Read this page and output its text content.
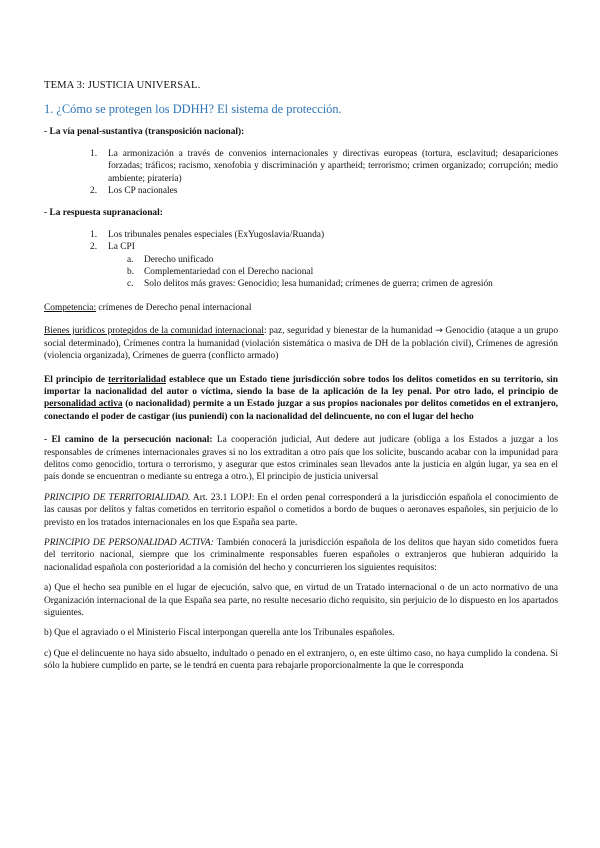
TEMA 3: JUSTICIA UNIVERSAL.

1. ¿Cómo se protegen los DDHH? El sistema de protección.

- La vía penal-sustantiva (transposición nacional):

1. La armonización a través de convenios internacionales y directivas europeas (tortura, esclavitud; desapariciones forzadas; tráficos; racismo, xenofobia y discriminación y apartheid; terrorismo; crimen organizado; corrupción; medio ambiente; piratería)
2. Los CP nacionales

- La respuesta supranacional:

1. Los tribunales penales especiales (ExYugoslavia/Ruanda)
2. La CPI
a. Derecho unificado
b. Complementariedad con el Derecho nacional
c. Solo delitos más graves: Genocidio; lesa humanidad; crímenes de guerra; crimen de agresión

Competencia: crímenes de Derecho penal internacional

Bienes jurídicos protegidos de la comunidad internacional: paz, seguridad y bienestar de la humanidad → Genocidio (ataque a un grupo social determinado), Crímenes contra la humanidad (violación sistemática o masiva de DH de la población civil), Crímenes de agresión (violencia organizada), Crímenes de guerra (conflicto armado)

El principio de territorialidad establece que un Estado tiene jurisdicción sobre todos los delitos cometidos en su territorio, sin importar la nacionalidad del autor o víctima, siendo la base de la aplicación de la ley penal. Por otro lado, el principio de personalidad activa (o nacionalidad) permite a un Estado juzgar a sus propios nacionales por delitos cometidos en el extranjero, conectando el poder de castigar (ius puniendi) con la nacionalidad del delincuente, no con el lugar del hecho

- El camino de la persecución nacional: La cooperación judicial, Aut dedere aut judicare (obliga a los Estados a juzgar a los responsables de crímenes internacionales graves si no los extraditan a otro país que los solicite, buscando acabar con la impunidad para delitos como genocidio, tortura o terrorismo, y asegurar que estos criminales sean llevados ante la justicia en algún lugar, ya sea en el país donde se encuentran o mediante su entrega a otro.), El principio de justicia universal

PRINCIPIO DE TERRITORIALIDAD. Art. 23.1 LOPJ: En el orden penal corresponderá a la jurisdicción española el conocimiento de las causas por delitos y faltas cometidos en territorio español o cometidos a bordo de buques o aeronaves españoles, sin perjuicio de lo previsto en los tratados internacionales en los que España sea parte.

PRINCIPIO DE PERSONALIDAD ACTIVA: También conocerá la jurisdicción española de los delitos que hayan sido cometidos fuera del territorio nacional, siempre que los criminalmente responsables fueren españoles o extranjeros que hubieran adquirido la nacionalidad española con posterioridad a la comisión del hecho y concurrieren los siguientes requisitos:

a) Que el hecho sea punible en el lugar de ejecución, salvo que, en virtud de un Tratado internacional o de un acto normativo de una Organización internacional de la que España sea parte, no resulte necesario dicho requisito, sin perjuicio de lo dispuesto en los apartados siguientes.

b) Que el agraviado o el Ministerio Fiscal interpongan querella ante los Tribunales españoles.

c) Que el delincuente no haya sido absuelto, indultado o penado en el extranjero, o, en este último caso, no haya cumplido la condena. Si sólo la hubiere cumplido en parte, se le tendrá en cuenta para rebajarle proporcionalmente la que le corresponda
